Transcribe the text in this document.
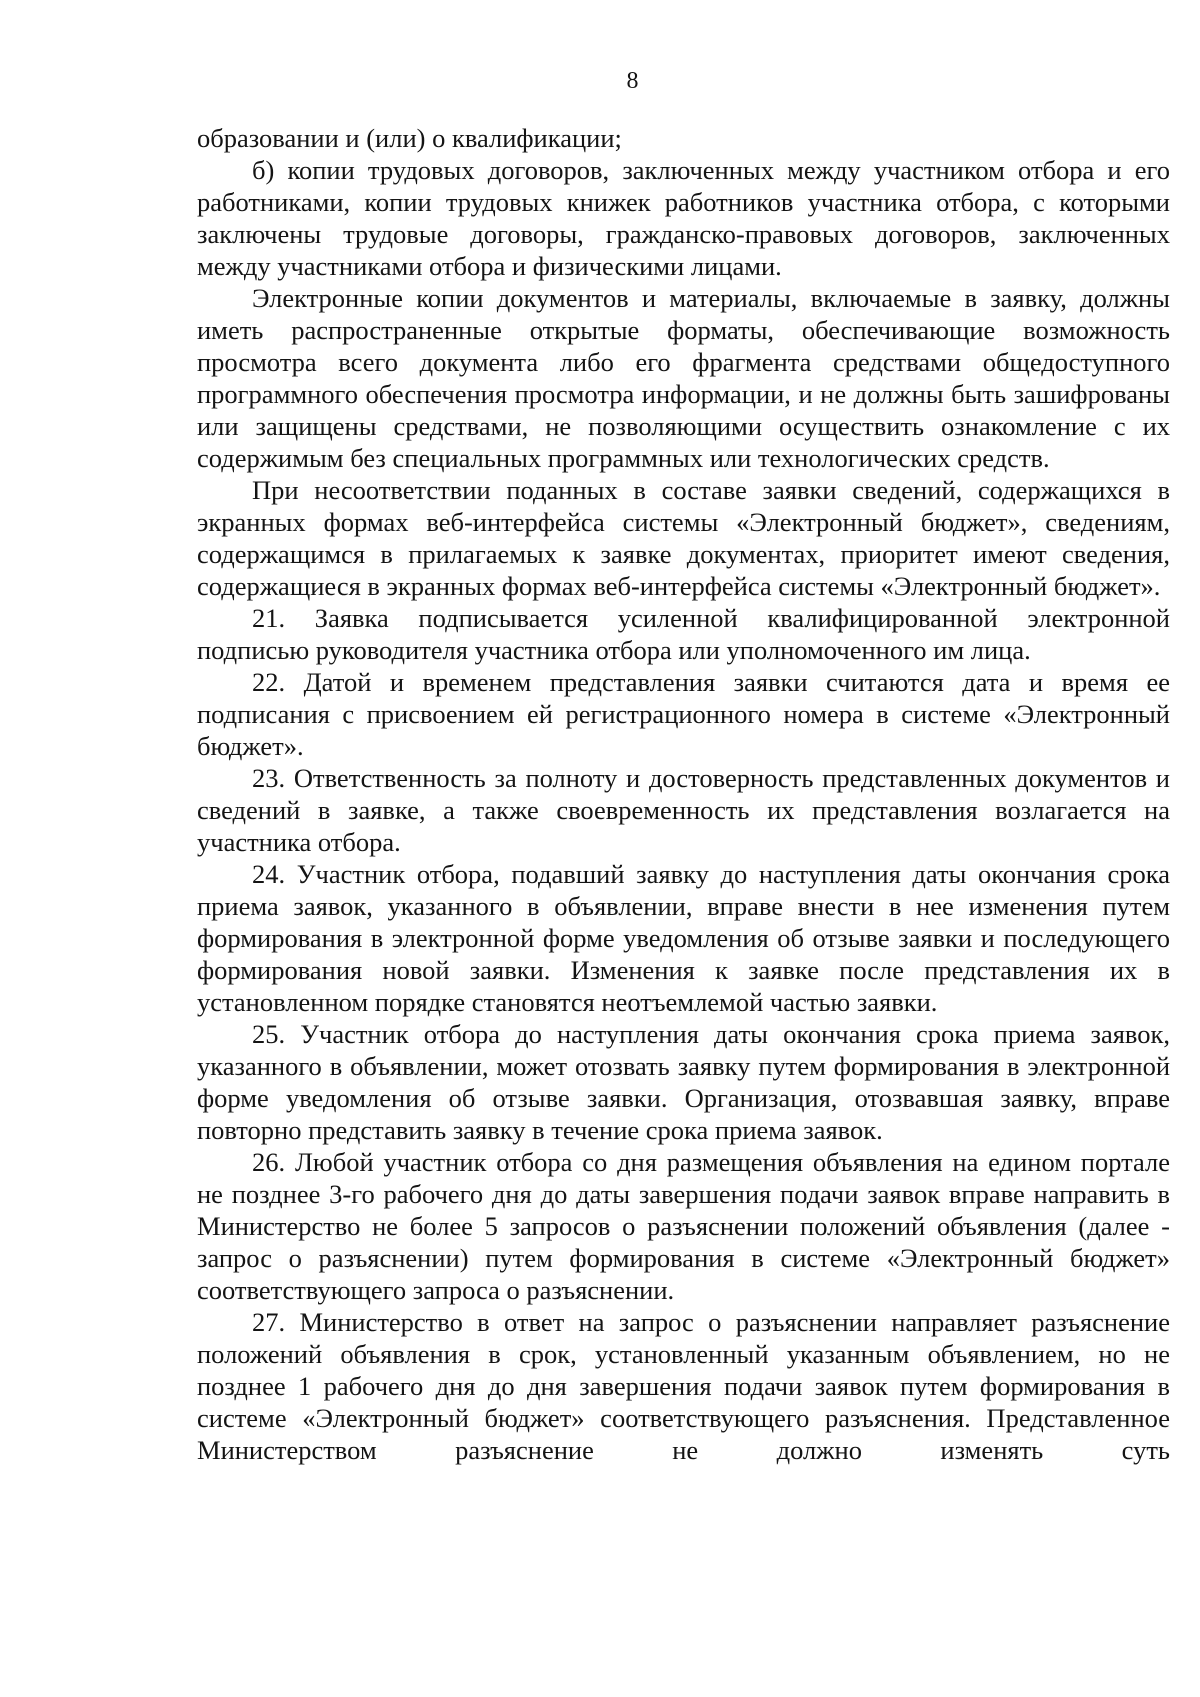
8

образовании и (или) о квалификации;

б) копии трудовых договоров, заключенных между участником отбора и его работниками, копии трудовых книжек работников участника отбора, с которыми заключены трудовые договоры, гражданско-правовых договоров, заключенных между участниками отбора и физическими лицами.

Электронные копии документов и материалы, включаемые в заявку, должны иметь распространенные открытые форматы, обеспечивающие возможность просмотра всего документа либо его фрагмента средствами общедоступного программного обеспечения просмотра информации, и не должны быть зашифрованы или защищены средствами, не позволяющими осуществить ознакомление с их содержимым без специальных программных или технологических средств.

При несоответствии поданных в составе заявки сведений, содержащихся в экранных формах веб-интерфейса системы «Электронный бюджет», сведениям, содержащимся в прилагаемых к заявке документах, приоритет имеют сведения, содержащиеся в экранных формах веб-интерфейса системы «Электронный бюджет».

21. Заявка подписывается усиленной квалифицированной электронной подписью руководителя участника отбора или уполномоченного им лица.

22. Датой и временем представления заявки считаются дата и время ее подписания с присвоением ей регистрационного номера в системе «Электронный бюджет».

23. Ответственность за полноту и достоверность представленных документов и сведений в заявке, а также своевременность их представления возлагается на участника отбора.

24. Участник отбора, подавший заявку до наступления даты окончания срока приема заявок, указанного в объявлении, вправе внести в нее изменения путем формирования в электронной форме уведомления об отзыве заявки и последующего формирования новой заявки. Изменения к заявке после представления их в установленном порядке становятся неотъемлемой частью заявки.

25. Участник отбора до наступления даты окончания срока приема заявок, указанного в объявлении, может отозвать заявку путем формирования в электронной форме уведомления об отзыве заявки. Организация, отозвавшая заявку, вправе повторно представить заявку в течение срока приема заявок.

26. Любой участник отбора со дня размещения объявления на едином портале не позднее 3-го рабочего дня до даты завершения подачи заявок вправе направить в Министерство не более 5 запросов о разъяснении положений объявления (далее - запрос о разъяснении) путем формирования в системе «Электронный бюджет» соответствующего запроса о разъяснении.

27. Министерство в ответ на запрос о разъяснении направляет разъяснение положений объявления в срок, установленный указанным объявлением, но не позднее 1 рабочего дня до дня завершения подачи заявок путем формирования в системе «Электронный бюджет» соответствующего разъяснения. Представленное Министерством разъяснение не должно изменять суть
